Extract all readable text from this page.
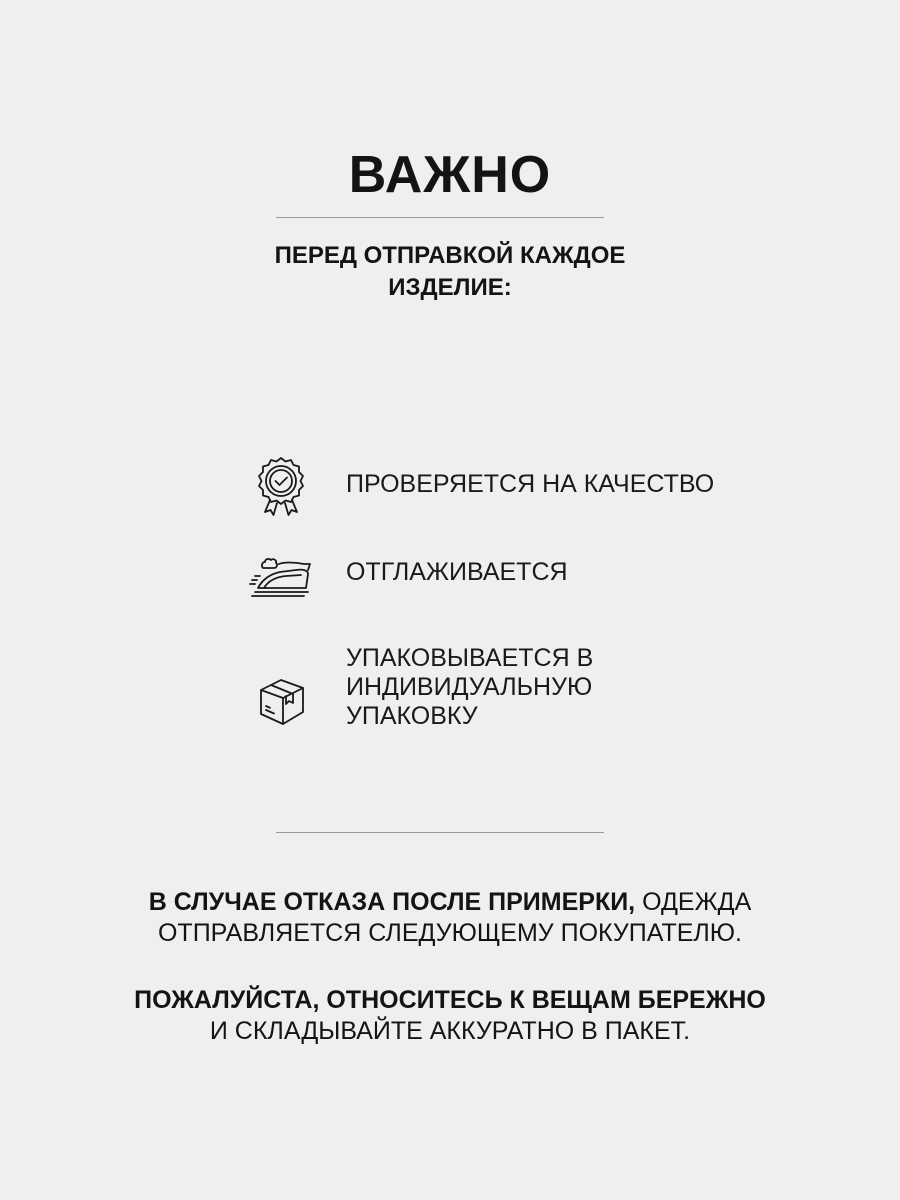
ВАЖНО
ПЕРЕД ОТПРАВКОЙ КАЖДОЕ
ИЗДЕЛИЕ:
ПРОВЕРЯЕТСЯ НА КАЧЕСТВО
ОТГЛАЖИВАЕТСЯ
УПАКОВЫВАЕТСЯ В
ИНДИВИДУАЛЬНУЮ
УПАКОВКУ
В СЛУЧАЕ ОТКАЗА ПОСЛЕ ПРИМЕРКИ, ОДЕЖДА
ОТПРАВЛЯЕТСЯ СЛЕДУЮЩЕМУ ПОКУПАТЕЛЮ.
ПОЖАЛУЙСТА, ОТНОСИТЕСЬ К ВЕЩАМ БЕРЕЖНО
И СКЛАДЫВАЙТЕ АККУРАТНО В ПАКЕТ.
